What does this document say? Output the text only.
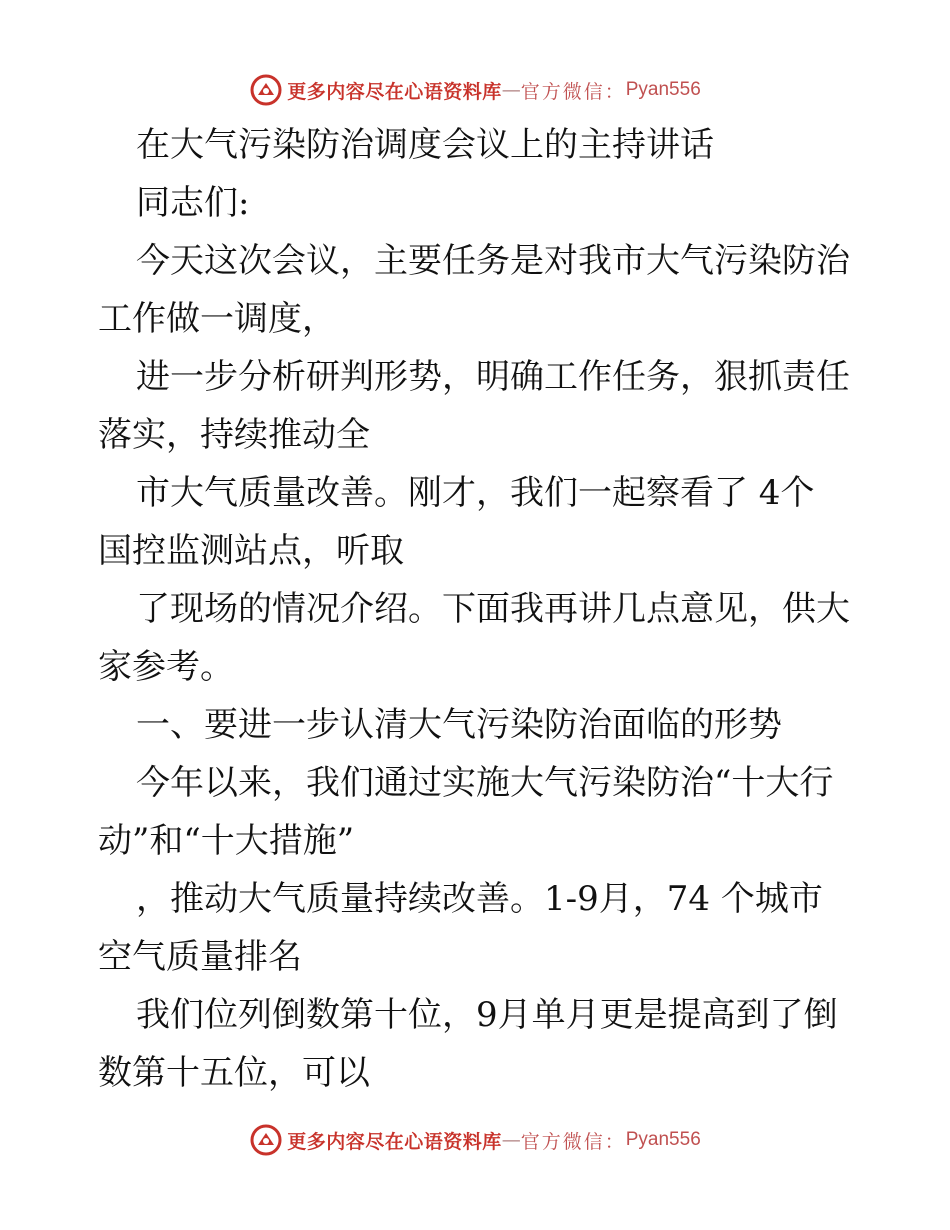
更多内容尽在心语资料库 — 官方微信： Pyan556
在大气污染防治调度会议上的主持讲话
同志们:
今天这次会议，主要任务是对我市大气污染防治
工作做一调度，
进一步分析研判形势，明确工作任务，狠抓责任
落实，持续推动全
市大气质量改善。刚才，我们一起察看了 4个
国控监测站点，听取
了现场的情况介绍。下面我再讲几点意见，供大
家参考。
一、要进一步认清大气污染防治面临的形势
今年以来，我们通过实施大气污染防治“十大行
动”和“十大措施”
，推动大气质量持续改善。1-9月，74 个城市
空气质量排名
我们位列倒数第十位，9月单月更是提高到了倒
数第十五位，可以
更多内容尽在心语资料库 — 官方微信： Pyan556
